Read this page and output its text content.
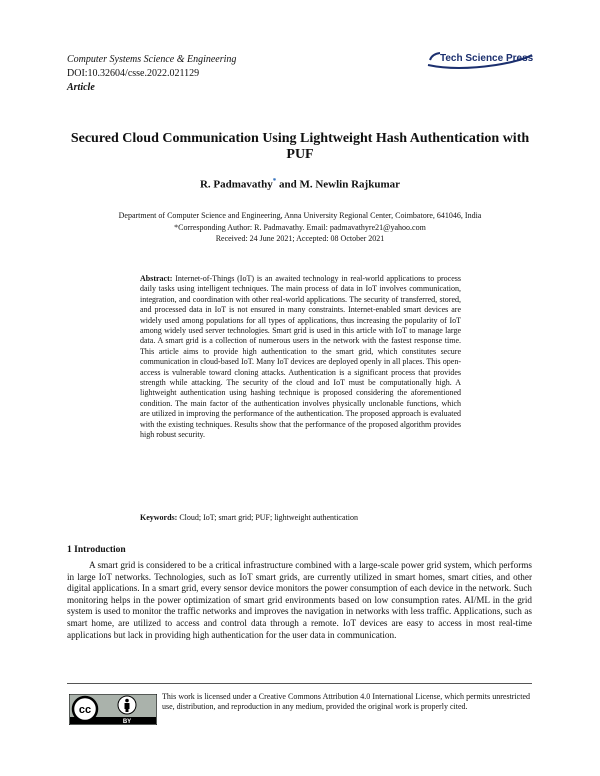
Computer Systems Science & Engineering
DOI:10.32604/csse.2022.021129
Article
Tech Science Press
Secured Cloud Communication Using Lightweight Hash Authentication with PUF
R. Padmavathy* and M. Newlin Rajkumar
Department of Computer Science and Engineering, Anna University Regional Center, Coimbatore, 641046, India
*Corresponding Author: R. Padmavathy. Email: padmavathyre21@yahoo.com
Received: 24 June 2021; Accepted: 08 October 2021
Abstract: Internet-of-Things (IoT) is an awaited technology in real-world applications to process daily tasks using intelligent techniques. The main process of data in IoT involves communication, integration, and coordination with other real-world applications. The security of transferred, stored, and processed data in IoT is not ensured in many constraints. Internet-enabled smart devices are widely used among populations for all types of applications, thus increasing the popularity of IoT among widely used server technologies. Smart grid is used in this article with IoT to manage large data. A smart grid is a collection of numerous users in the network with the fastest response time. This article aims to provide high authentication to the smart grid, which constitutes secure communication in cloud-based IoT. Many IoT devices are deployed openly in all places. This open-access is vulnerable toward cloning attacks. Authentication is a significant process that provides strength while attacking. The security of the cloud and IoT must be computationally high. A lightweight authentication using hashing technique is proposed considering the aforementioned condition. The main factor of the authentication involves physically unclonable functions, which are utilized in improving the performance of the authentication. The proposed approach is evaluated with the existing techniques. Results show that the performance of the proposed algorithm provides high robust security.
Keywords: Cloud; IoT; smart grid; PUF; lightweight authentication
1 Introduction
A smart grid is considered to be a critical infrastructure combined with a large-scale power grid system, which performs in large IoT networks. Technologies, such as IoT smart grids, are currently utilized in smart homes, smart cities, and other digital applications. In a smart grid, every sensor device monitors the power consumption of each device in the network. Such monitoring helps in the power optimization of smart grid environments based on low consumption rates. AI/ML in the grid system is used to monitor the traffic networks and improves the navigation in networks with less traffic. Applications, such as smart home, are utilized to access and control data through a remote. IoT devices are easy to access in most real-time applications but lack in providing high authentication for the user data in communication.
cc
BY
This work is licensed under a Creative Commons Attribution 4.0 International License, which permits unrestricted use, distribution, and reproduction in any medium, provided the original work is properly cited.
